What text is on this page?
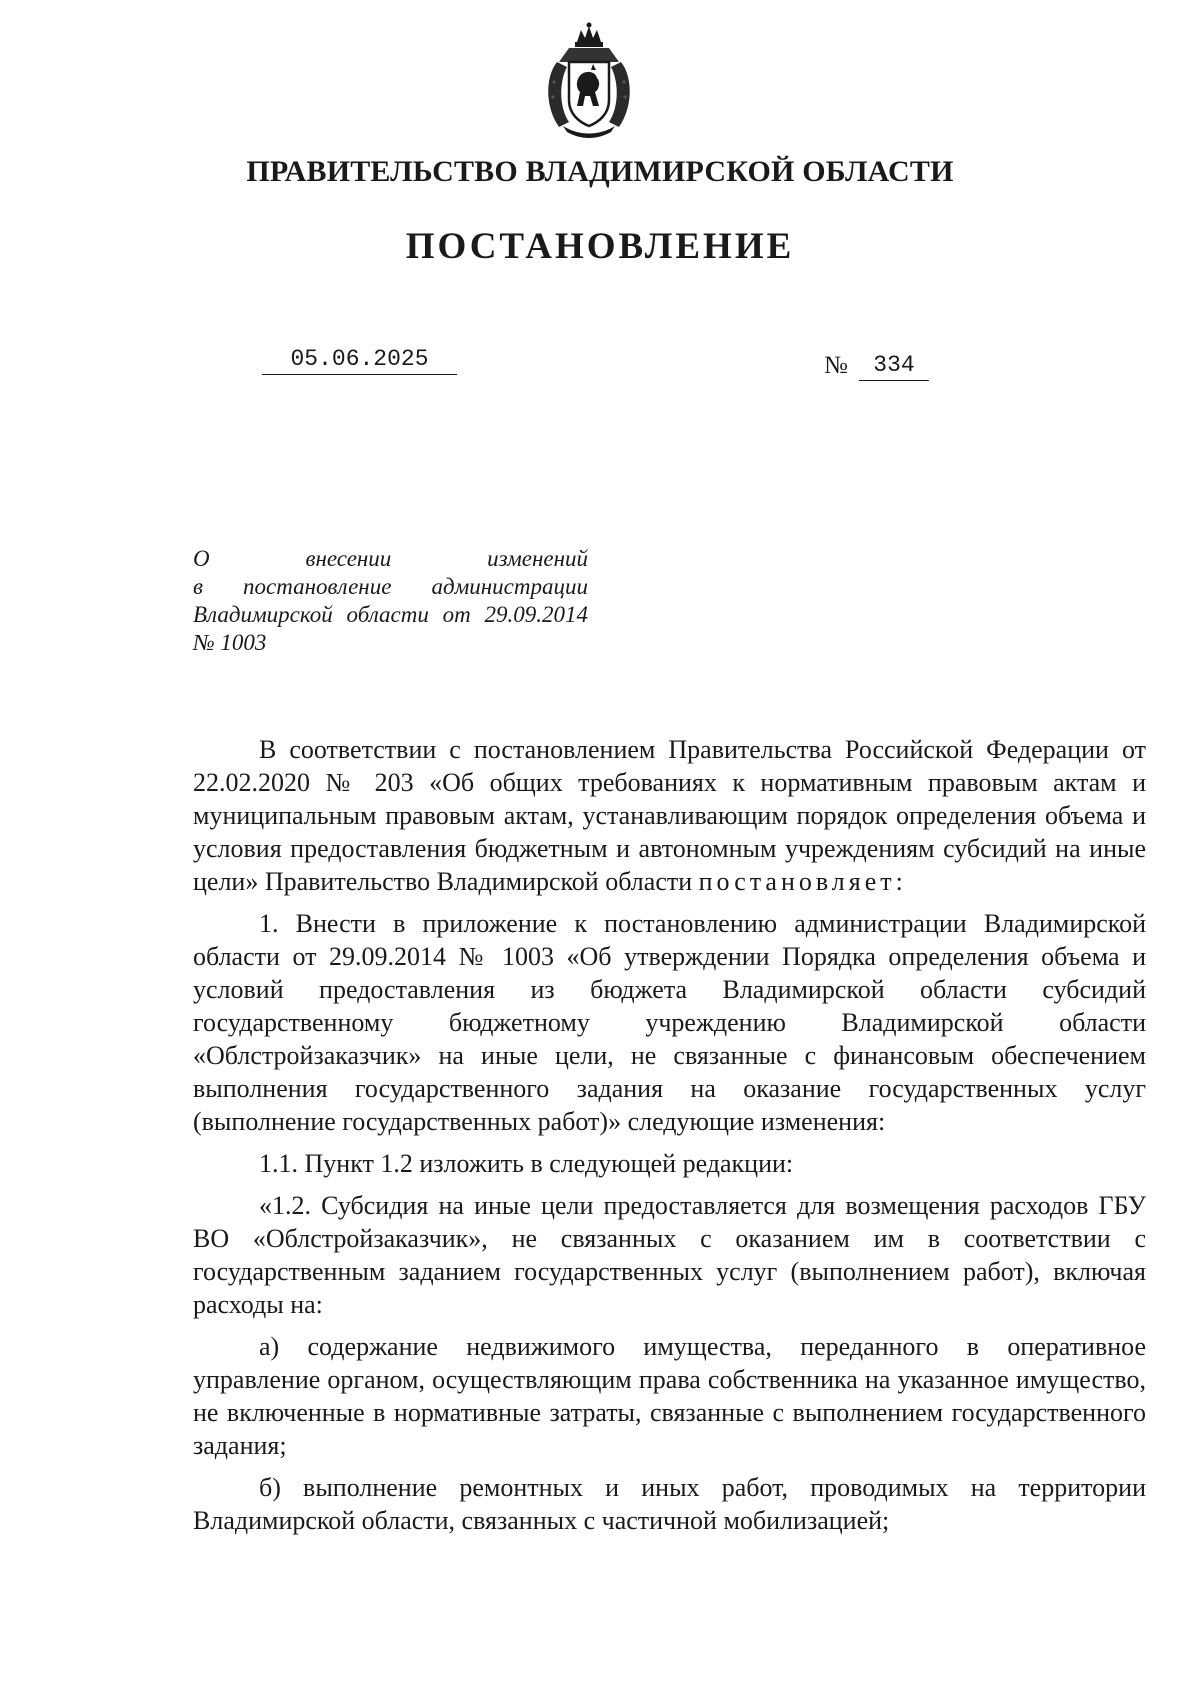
ПРАВИТЕЛЬСТВО ВЛАДИМИРСКОЙ ОБЛАСТИ
ПОСТАНОВЛЕНИЕ
05.06.2025	№	334
О внесении изменений
в постановление администрации
Владимирской области от 29.09.2014
№ 1003

В соответствии с постановлением Правительства Российской Федерации от 22.02.2020 № 203 «Об общих требованиях к нормативным правовым актам и муниципальным правовым актам, устанавливающим порядок определения объема и условия предоставления бюджетным и автономным учреждениям субсидий на иные цели» Правительство Владимирской области постановляет:

1. Внести в приложение к постановлению администрации Владимирской области от 29.09.2014 № 1003 «Об утверждении Порядка определения объема и условий предоставления из бюджета Владимирской области субсидий государственному бюджетному учреждению Владимирской области «Облстройзаказчик» на иные цели, не связанные с финансовым обеспечением выполнения государственного задания на оказание государственных услуг (выполнение государственных работ)» следующие изменения:

1.1. Пункт 1.2 изложить в следующей редакции:

«1.2. Субсидия на иные цели предоставляется для возмещения расходов ГБУ ВО «Облстройзаказчик», не связанных с оказанием им в соответствии с государственным заданием государственных услуг (выполнением работ), включая расходы на:

а) содержание недвижимого имущества, переданного в оперативное управление органом, осуществляющим права собственника на указанное имущество, не включенные в нормативные затраты, связанные с выполнением государственного задания;

б) выполнение ремонтных и иных работ, проводимых на территории Владимирской области, связанных с частичной мобилизацией;
